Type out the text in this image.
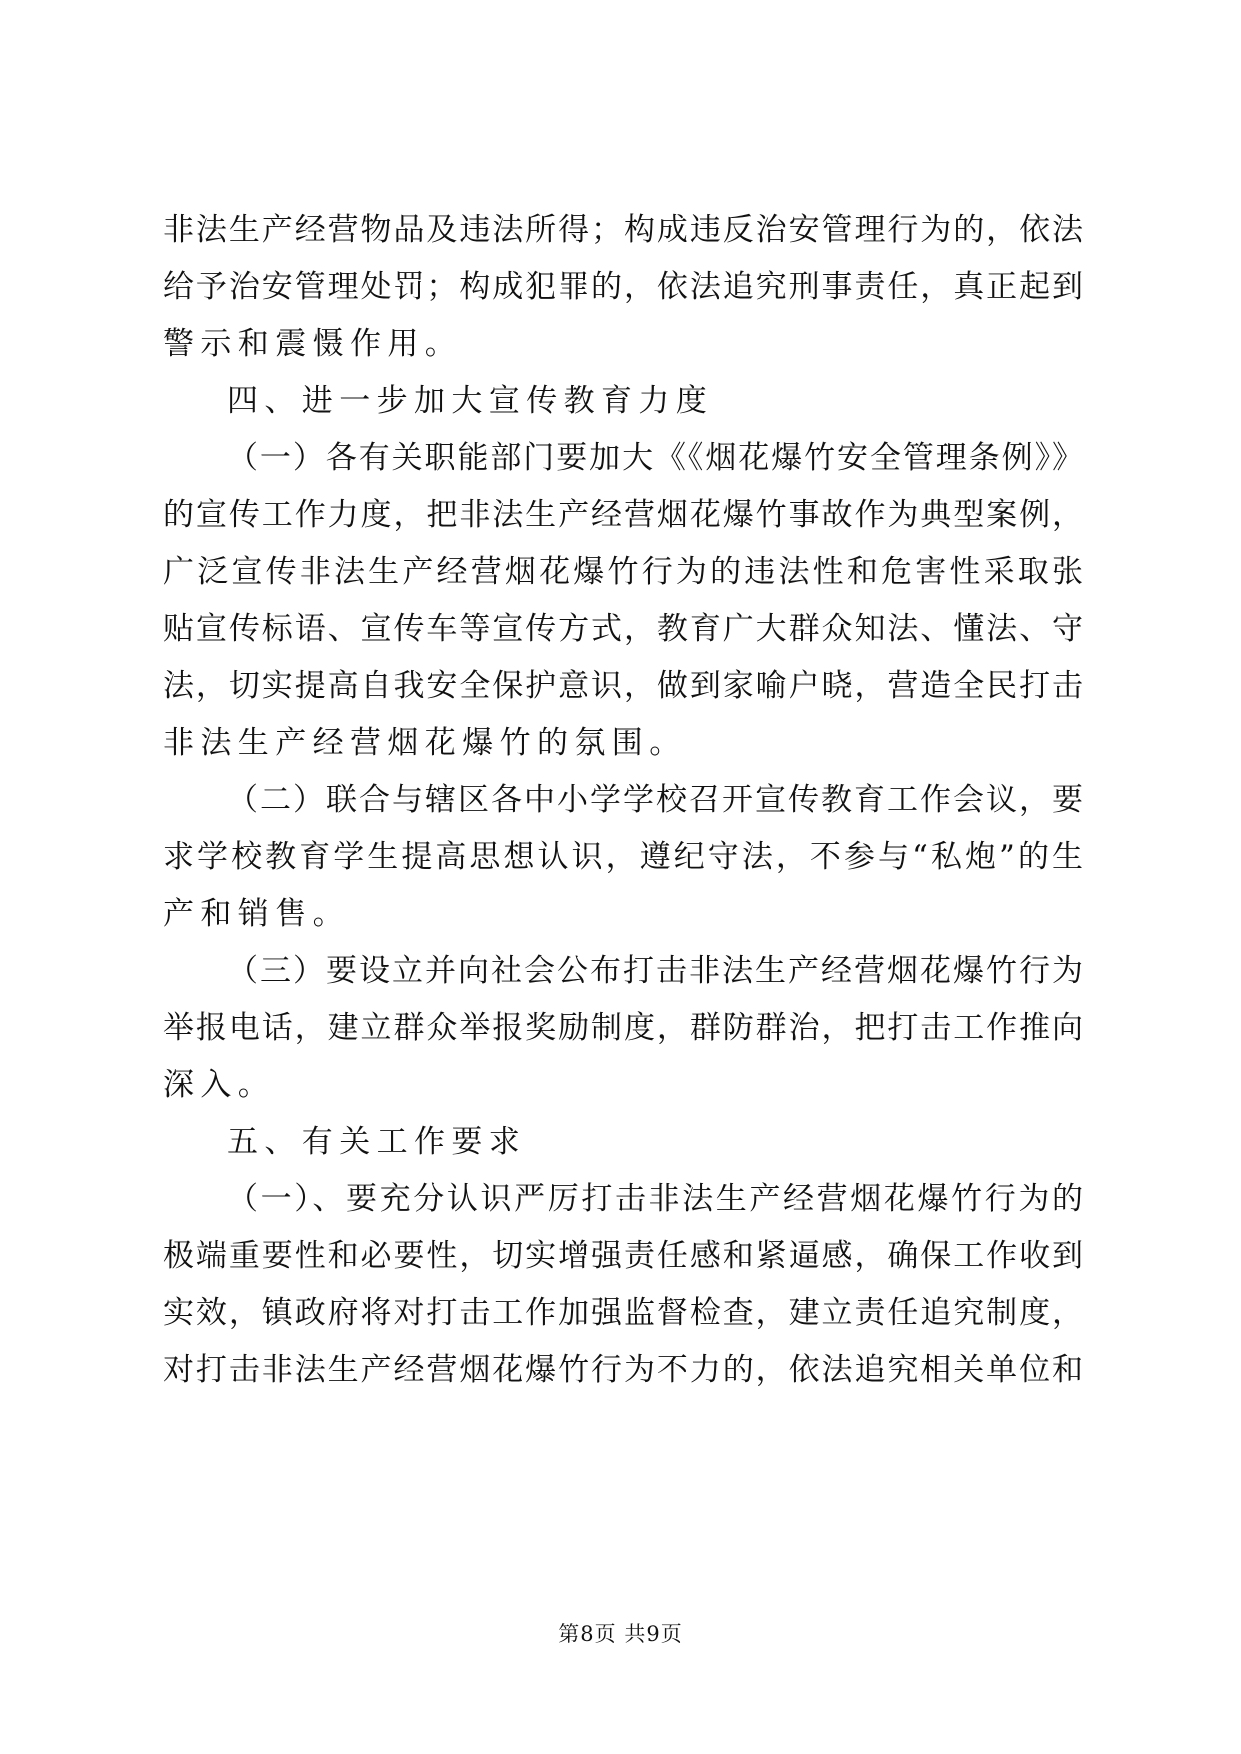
非法生产经营物品及违法所得；构成违反治安管理行为的，依法
给予治安管理处罚；构成犯罪的，依法追究刑事责任，真正起到
警示和震慑作用。
四、进一步加大宣传教育力度
（一）各有关职能部门要加大《《烟花爆竹安全管理条例》》
的宣传工作力度，把非法生产经营烟花爆竹事故作为典型案例，
广泛宣传非法生产经营烟花爆竹行为的违法性和危害性采取张
贴宣传标语、宣传车等宣传方式，教育广大群众知法、懂法、守
法，切实提高自我安全保护意识，做到家喻户晓，营造全民打击
非法生产经营烟花爆竹的氛围。
（二）联合与辖区各中小学学校召开宣传教育工作会议，要
求学校教育学生提高思想认识，遵纪守法，不参与“私炮”的生
产和销售。
（三）要设立并向社会公布打击非法生产经营烟花爆竹行为
举报电话，建立群众举报奖励制度，群防群治，把打击工作推向
深入。
五、有关工作要求
（一）、要充分认识严厉打击非法生产经营烟花爆竹行为的
极端重要性和必要性，切实增强责任感和紧逼感，确保工作收到
实效，镇政府将对打击工作加强监督检查，建立责任追究制度，
对打击非法生产经营烟花爆竹行为不力的，依法追究相关单位和
第8页 共9页
